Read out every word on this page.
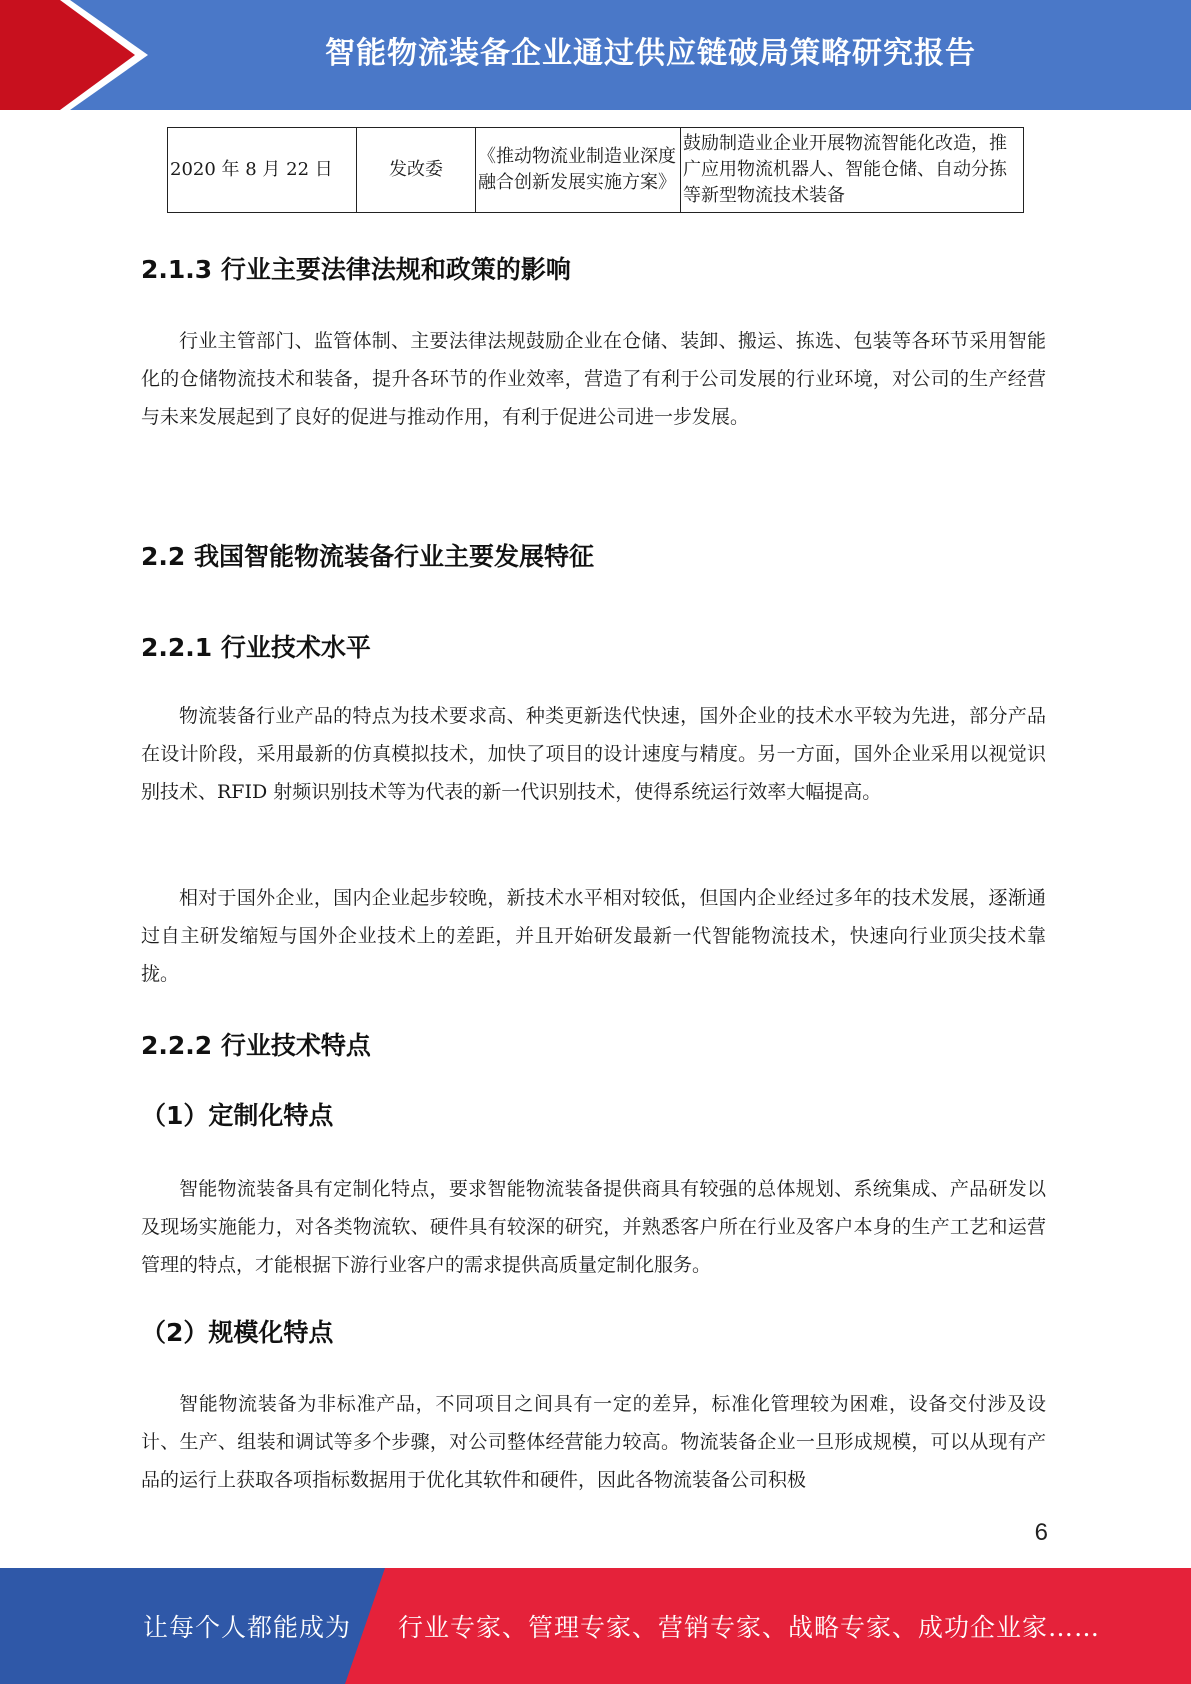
智能物流装备企业通过供应链破局策略研究报告
2020 年 8 月 22 日	发改委	《推动物流业制造业深度融合创新发展实施方案》	鼓励制造业企业开展物流智能化改造，推广应用物流机器人、智能仓储、自动分拣等新型物流技术装备
2.1.3 行业主要法律法规和政策的影响
行业主管部门、监管体制、主要法律法规鼓励企业在仓储、装卸、搬运、拣选、包装等各环节采用智能化的仓储物流技术和装备，提升各环节的作业效率，营造了有利于公司发展的行业环境，对公司的生产经营与未来发展起到了良好的促进与推动作用，有利于促进公司进一步发展。
2.2 我国智能物流装备行业主要发展特征
2.2.1 行业技术水平
物流装备行业产品的特点为技术要求高、种类更新迭代快速，国外企业的技术水平较为先进，部分产品在设计阶段，采用最新的仿真模拟技术，加快了项目的设计速度与精度。另一方面，国外企业采用以视觉识别技术、RFID 射频识别技术等为代表的新一代识别技术，使得系统运行效率大幅提高。
相对于国外企业，国内企业起步较晚，新技术水平相对较低，但国内企业经过多年的技术发展，逐渐通过自主研发缩短与国外企业技术上的差距，并且开始研发最新一代智能物流技术，快速向行业顶尖技术靠拢。
2.2.2 行业技术特点
（1）定制化特点
智能物流装备具有定制化特点，要求智能物流装备提供商具有较强的总体规划、系统集成、产品研发以及现场实施能力，对各类物流软、硬件具有较深的研究，并熟悉客户所在行业及客户本身的生产工艺和运营管理的特点，才能根据下游行业客户的需求提供高质量定制化服务。
（2）规模化特点
智能物流装备为非标准产品，不同项目之间具有一定的差异，标准化管理较为困难，设备交付涉及设计、生产、组装和调试等多个步骤，对公司整体经营能力较高。物流装备企业一旦形成规模，可以从现有产品的运行上获取各项指标数据用于优化其软件和硬件，因此各物流装备公司积极
6
让每个人都能成为 行业专家、管理专家、营销专家、战略专家、成功企业家……
